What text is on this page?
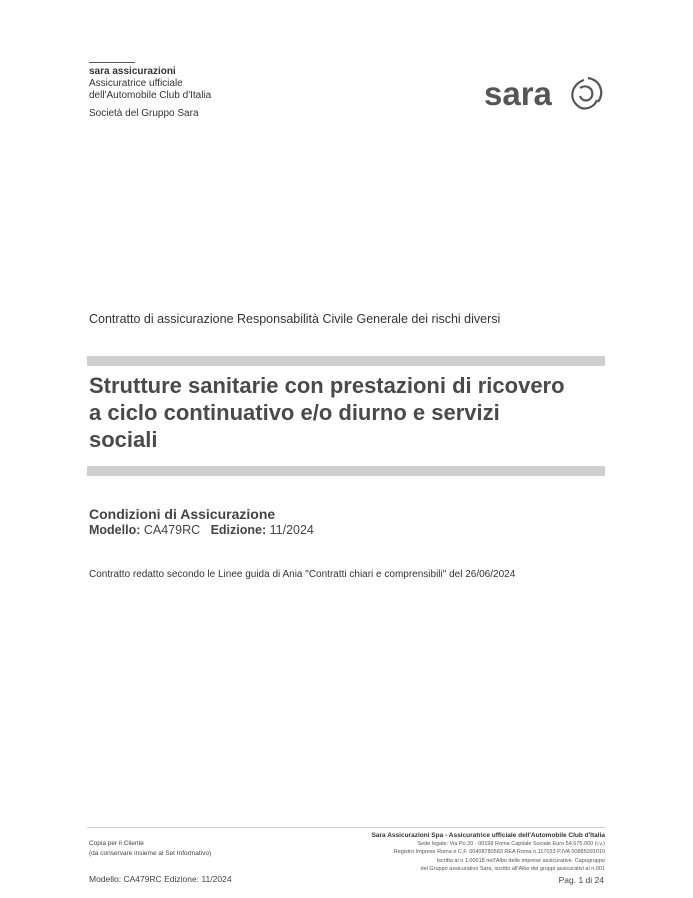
sara assicurazioni
Assicuratrice ufficiale
dell'Automobile Club d'Italia
Società del Gruppo Sara
sara
Contratto di assicurazione Responsabilità Civile Generale dei rischi diversi
Strutture sanitarie con prestazioni di ricovero
a ciclo continuativo e/o diurno e servizi
sociali
Condizioni di Assicurazione
Modello: CA479RC Edizione: 11/2024
Contratto redatto secondo le Linee guida di Ania "Contratti chiari e comprensibili" del 26/06/2024
Copia per il Cliente
(da conservare insieme al Set Informativo)
Sara Assicurazioni Spa - Assicuratrice ufficiale dell'Automobile Club d'Italia
Sede legale: Via Po,20 - 00198 Roma Capitale Sociale Euro 54.675.000 (i.v.)
Registro Imprese Roma e C.F. 00408780583 REA Roma n.117033 P.IVA 00885091010
Iscritta al n.1.00018 nell'Albo delle imprese assicurative. Capogruppo
del Gruppo assicurativo Sara, iscritto all'Albo dei gruppi assicurativi al n.001
Modello: CA479RC Edizione: 11/2024	Pag. 1 di 24
